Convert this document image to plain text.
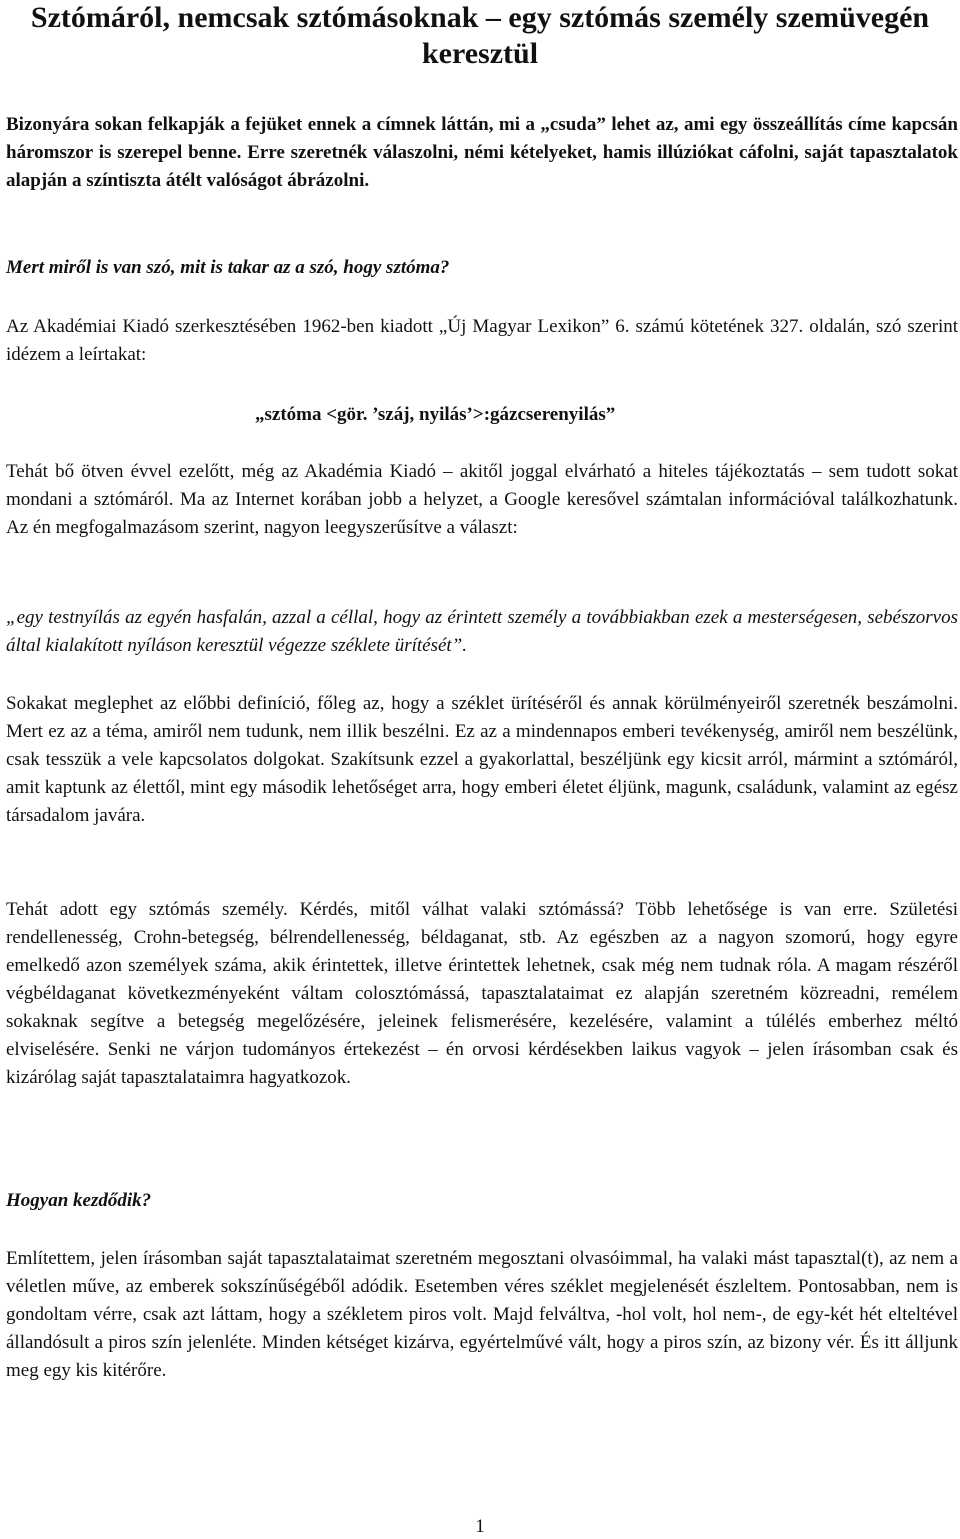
Sztómáról, nemcsak sztómásoknak – egy sztómás személy szemüvegén keresztül

Bizonyára sokan felkapják a fejüket ennek a címnek láttán, mi a „csuda” lehet az, ami egy összeállítás címe kapcsán háromszor is szerepel benne. Erre szeretnék válaszolni, némi kételyeket, hamis illúziókat cáfolni, saját tapasztalatok alapján a színtiszta átélt valóságot ábrázolni.

Mert miről is van szó, mit is takar az a szó, hogy sztóma?

Az Akadémiai Kiadó szerkesztésében 1962-ben kiadott „Új Magyar Lexikon” 6. számú kötetének 327. oldalán, szó szerint idézem a leírtakat:

„sztóma <gör. ’száj, nyilás’>:gázcserenyilás”

Tehát bő ötven évvel ezelőtt, még az Akadémia Kiadó – akitől joggal elvárható a hiteles tájékoztatás – sem tudott sokat mondani a sztómáról. Ma az Internet korában jobb a helyzet, a Google keresővel számtalan információval találkozhatunk. Az én megfogalmazásom szerint, nagyon leegyszerűsítve a választ:

„egy testnyílás az egyén hasfalán, azzal a céllal, hogy az érintett személy a továbbiakban ezek a mesterségesen, sebészorvos által kialakított nyíláson keresztül végezze széklete ürítését”.

Sokakat meglephet az előbbi definíció, főleg az, hogy a széklet ürítéséről és annak körülményeiről szeretnék beszámolni. Mert ez az a téma, amiről nem tudunk, nem illik beszélni. Ez az a mindennapos emberi tevékenység, amiről nem beszélünk, csak tesszük a vele kapcsolatos dolgokat. Szakítsunk ezzel a gyakorlattal, beszéljünk egy kicsit arról, mármint a sztómáról, amit kaptunk az élettől, mint egy második lehetőséget arra, hogy emberi életet éljünk, magunk, családunk, valamint az egész társadalom javára.

Tehát adott egy sztómás személy. Kérdés, mitől válhat valaki sztómássá? Több lehetősége is van erre. Születési rendellenesség, Crohn-betegség, bélrendellenesség, béldaganat, stb. Az egészben az a nagyon szomorú, hogy egyre emelkedő azon személyek száma, akik érintettek, illetve érintettek lehetnek, csak még nem tudnak róla. A magam részéről végbéldaganat következményeként váltam colosztómássá, tapasztalataimat ez alapján szeretném közreadni, remélem sokaknak segítve a betegség megelőzésére, jeleinek felismerésére, kezelésére, valamint a túlélés emberhez méltó elviselésére. Senki ne várjon tudományos értekezést – én orvosi kérdésekben laikus vagyok – jelen írásomban csak és kizárólag saját tapasztalataimra hagyatkozok.

Hogyan kezdődik?

Említettem, jelen írásomban saját tapasztalataimat szeretném megosztani olvasóimmal, ha valaki mást tapasztal(t), az nem a véletlen műve, az emberek sokszínűségéből adódik. Esetemben véres széklet megjelenését észleltem. Pontosabban, nem is gondoltam vérre, csak azt láttam, hogy a székletem piros volt. Majd felváltva, -hol volt, hol nem-, de egy-két hét elteltével állandósult a piros szín jelenléte. Minden kétséget kizárva, egyértelművé vált, hogy a piros szín, az bizony vér. És itt álljunk meg egy kis kitérőre.

1
